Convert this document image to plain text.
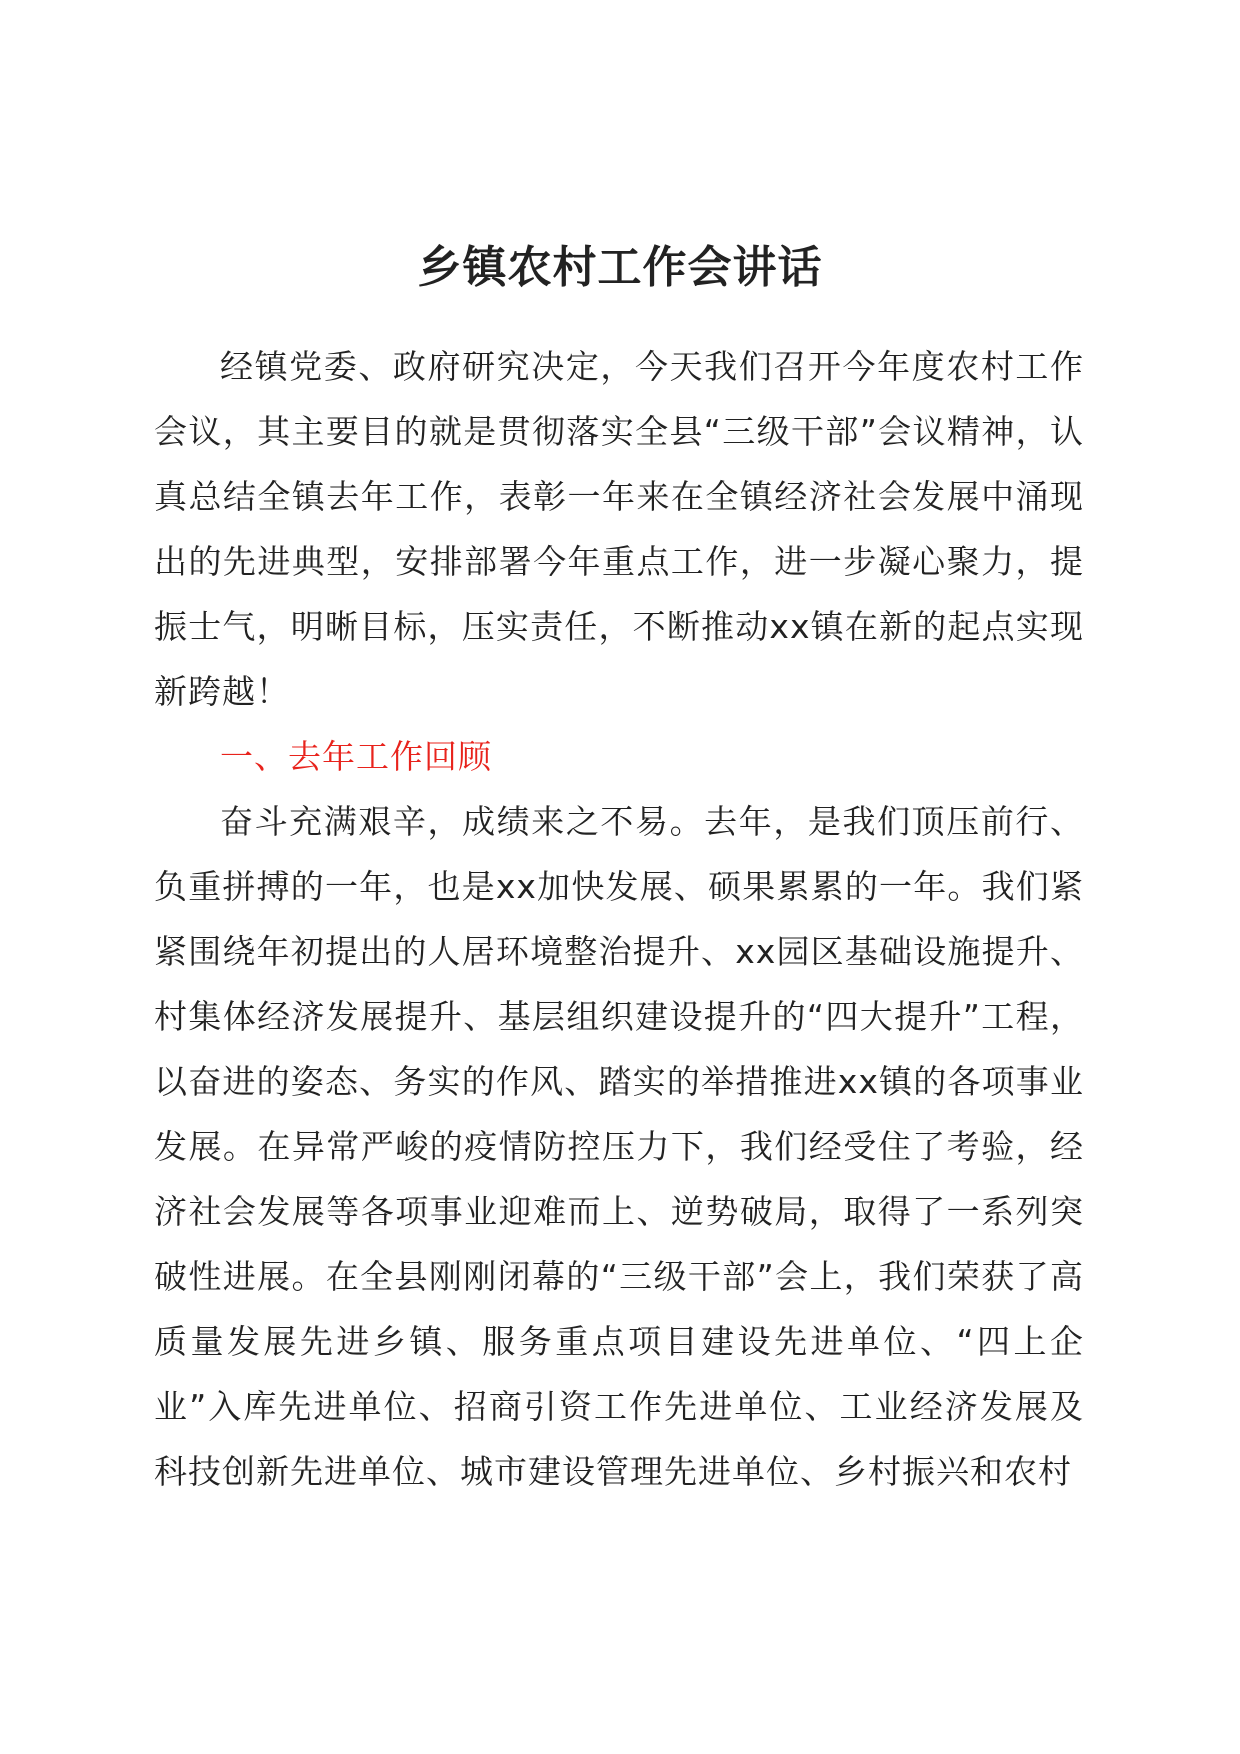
乡镇农村工作会讲话

经镇党委、政府研究决定，今天我们召开今年度农村工作会议，其主要目的就是贯彻落实全县“三级干部”会议精神，认真总结全镇去年工作，表彰一年来在全镇经济社会发展中涌现出的先进典型，安排部署今年重点工作，进一步凝心聚力，提振士气，明晰目标，压实责任，不断推动xx镇在新的起点实现新跨越！

一、去年工作回顾

奋斗充满艰辛，成绩来之不易。去年，是我们顶压前行、负重拼搏的一年，也是xx加快发展、硕果累累的一年。我们紧紧围绕年初提出的人居环境整治提升、xx园区基础设施提升、村集体经济发展提升、基层组织建设提升的“四大提升”工程，以奋进的姿态、务实的作风、踏实的举措推进xx镇的各项事业发展。在异常严峻的疫情防控压力下，我们经受住了考验，经济社会发展等各项事业迎难而上、逆势破局，取得了一系列突破性进展。在全县刚刚闭幕的“三级干部”会上，我们荣获了高质量发展先进乡镇、服务重点项目建设先进单位、“四上企业”入库先进单位、招商引资工作先进单位、工业经济发展及科技创新先进单位、城市建设管理先进单位、乡村振兴和农村
